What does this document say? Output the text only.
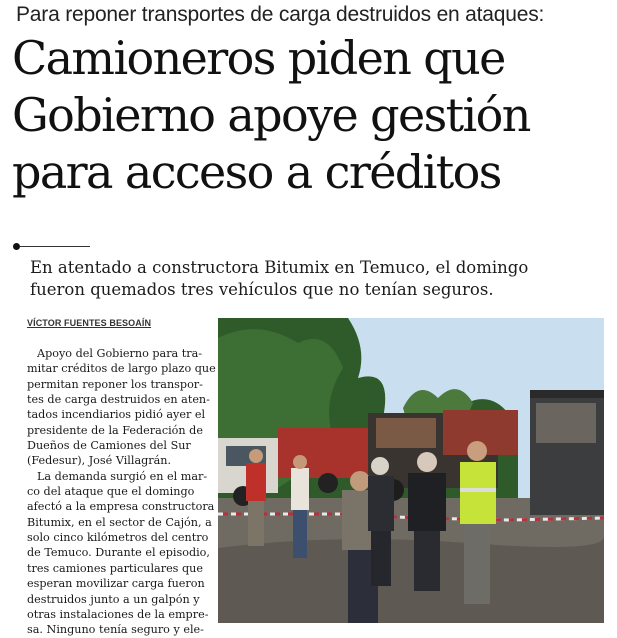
Para reponer transportes de carga destruidos en ataques:
Camioneros piden que
Gobierno apoye gestión
para acceso a créditos
En atentado a constructora Bitumix en Temuco, el domingo
fueron quemados tres vehículos que no tenían seguros.
VÍCTOR FUENTES BESOAÍN
Apoyo del Gobierno para tra-
mitar créditos de largo plazo que
permitan reponer los transpor-
tes de carga destruidos en aten-
tados incendiarios pidió ayer el
presidente de la Federación de
Dueños de Camiones del Sur
(Fedesur), José Villagrán.
La demanda surgió en el mar-
co del ataque que el domingo
afectó a la empresa constructora
Bitumix, en el sector de Cajón, a
solo cinco kilómetros del centro
de Temuco. Durante el episodio,
tres camiones particulares que
esperan movilizar carga fueron
destruidos junto a un galpón y
otras instalaciones de la empre-
sa. Ninguno tenía seguro y ele-
